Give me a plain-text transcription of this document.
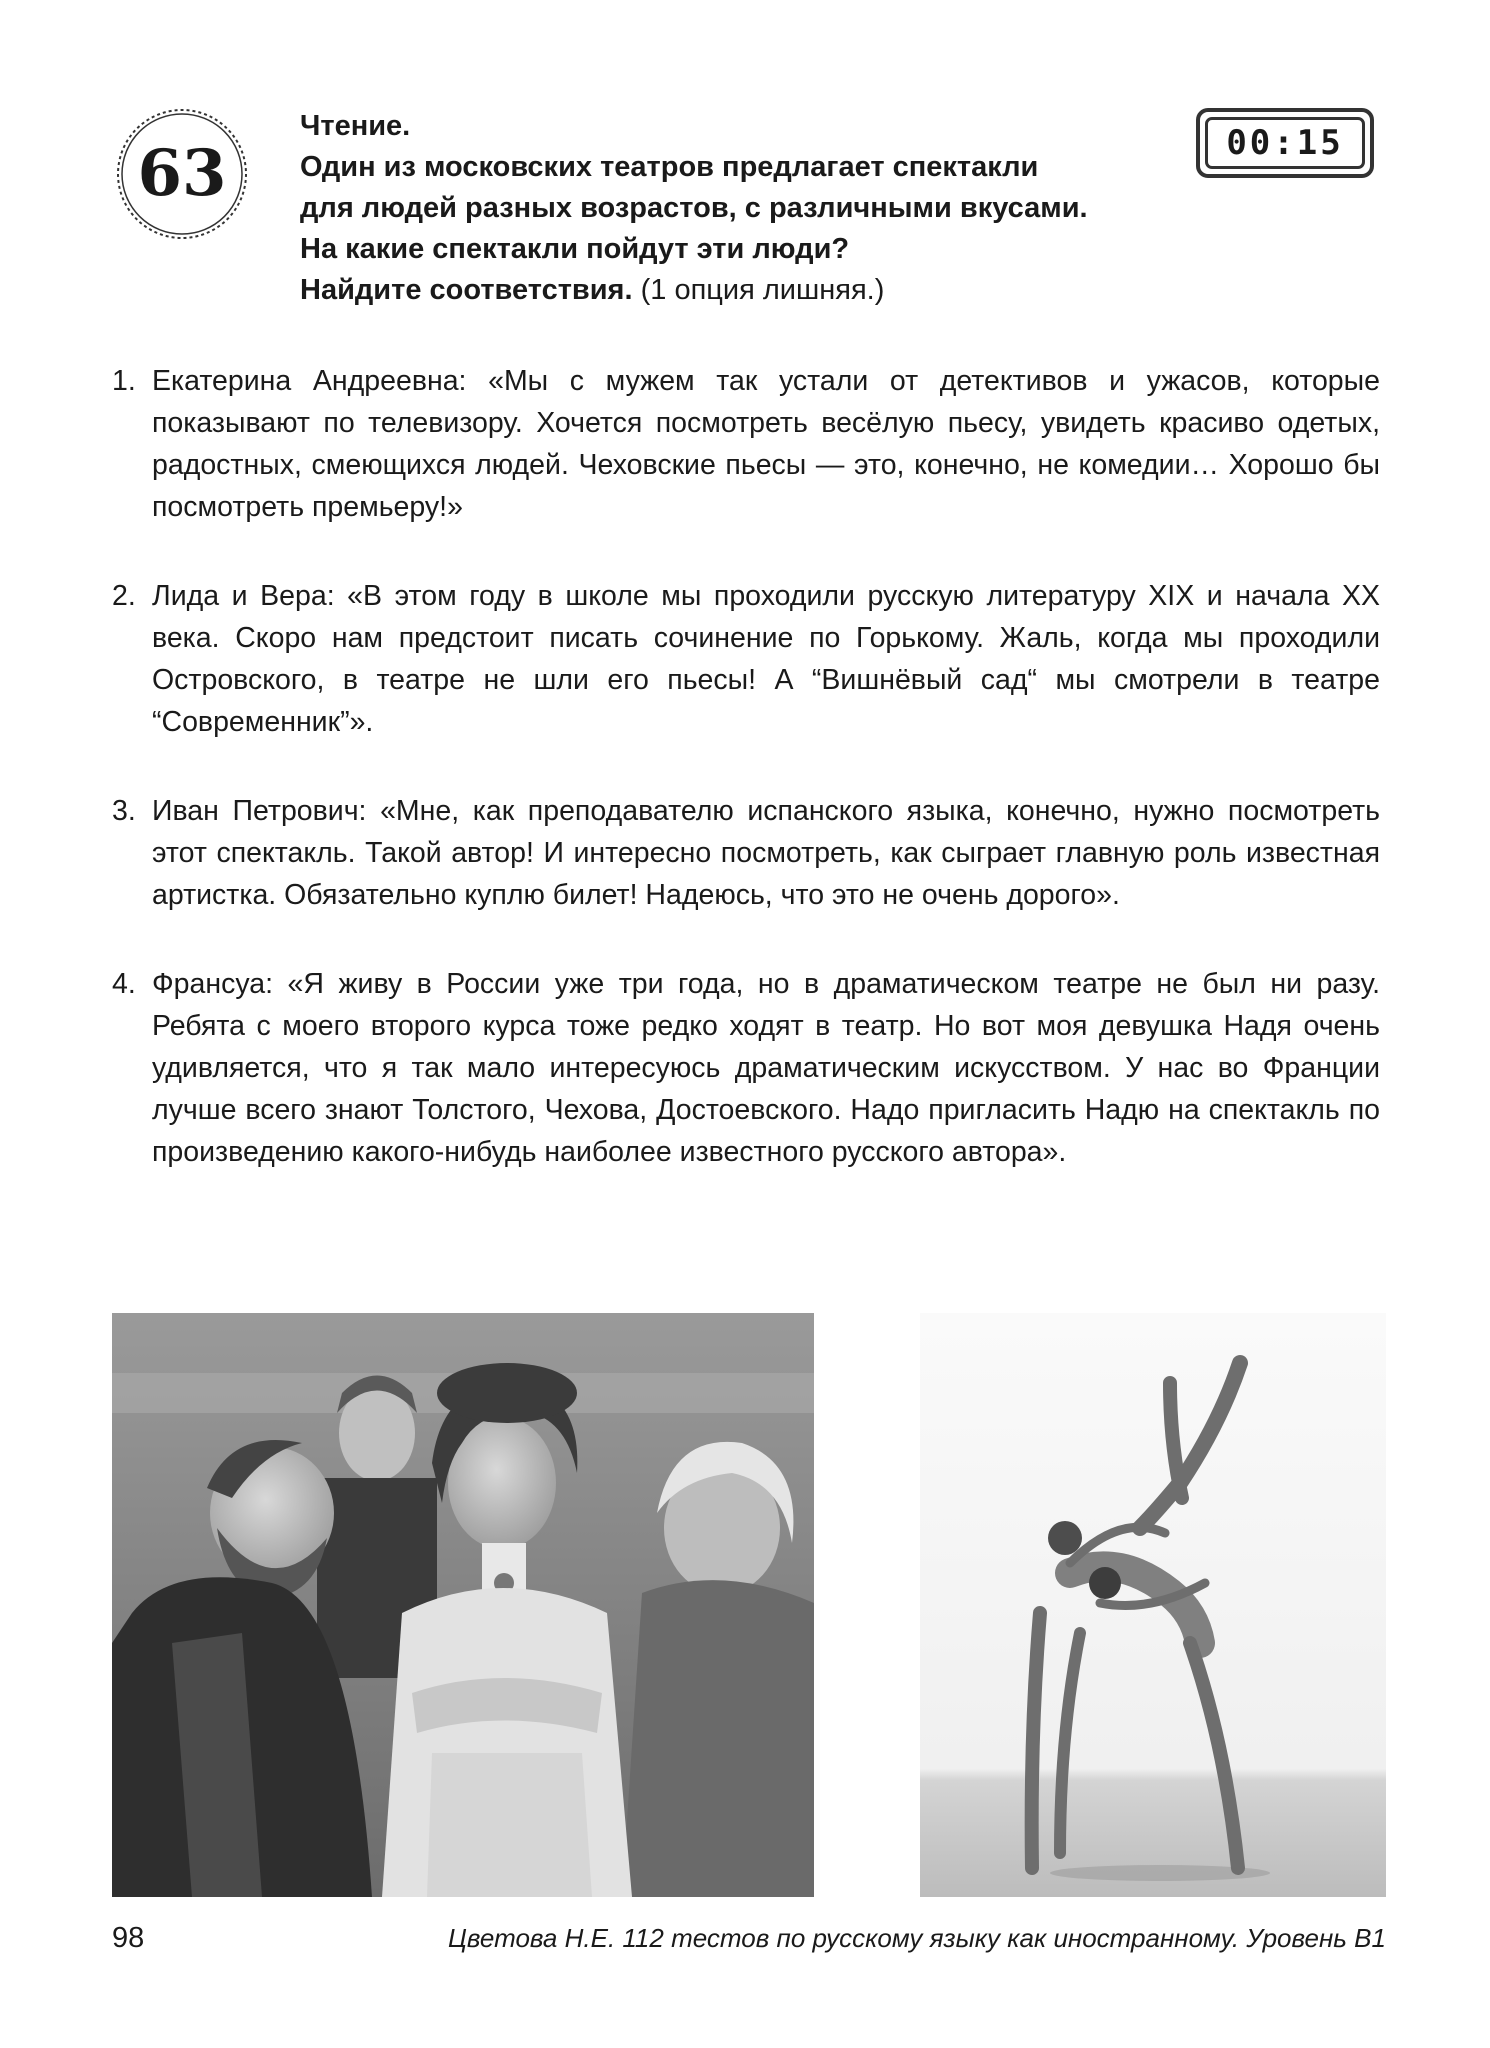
63

Чтение.

Один из московских театров предлагает спектакли

для людей разных возрастов, с различными вкусами.

На какие спектакли пойдут эти люди?

Найдите соответствия. (1 опция лишняя.)

00:15
1. Екатерина Андреевна: «Мы с мужем так устали от детективов и ужасов, которые показывают по телевизору. Хочется посмотреть весёлую пьесу, увидеть красиво одетых, радостных, смеющихся людей. Чеховские пьесы — это, конечно, не комедии… Хорошо бы посмотреть премьеру!»
2. Лида и Вера: «В этом году в школе мы проходили русскую литературу XIX и начала XX века. Скоро нам предстоит писать сочинение по Горькому. Жаль, когда мы проходили Островского, в театре не шли его пьесы! А “Вишнёвый сад“ мы смотрели в театре “Современник”».
3. Иван Петрович: «Мне, как преподавателю испанского языка, конечно, нужно посмотреть этот спектакль. Такой автор! И интересно посмотреть, как сыграет главную роль известная артистка. Обязательно куплю билет! Надеюсь, что это не очень дорого».
4. Франсуа: «Я живу в России уже три года, но в драматическом театре не был ни разу. Ребята с моего второго курса тоже редко ходят в театр. Но вот моя девушка Надя очень удивляется, что я так мало интересуюсь драматическим искусством. У нас во Франции лучше всего знают Толстого, Чехова, Достоевского. Надо пригласить Надю на спектакль по произведению какого-нибудь наиболее известного русского автора».
98	Цветова Н.Е. 112 тестов по русскому языку как иностранному. Уровень В1
